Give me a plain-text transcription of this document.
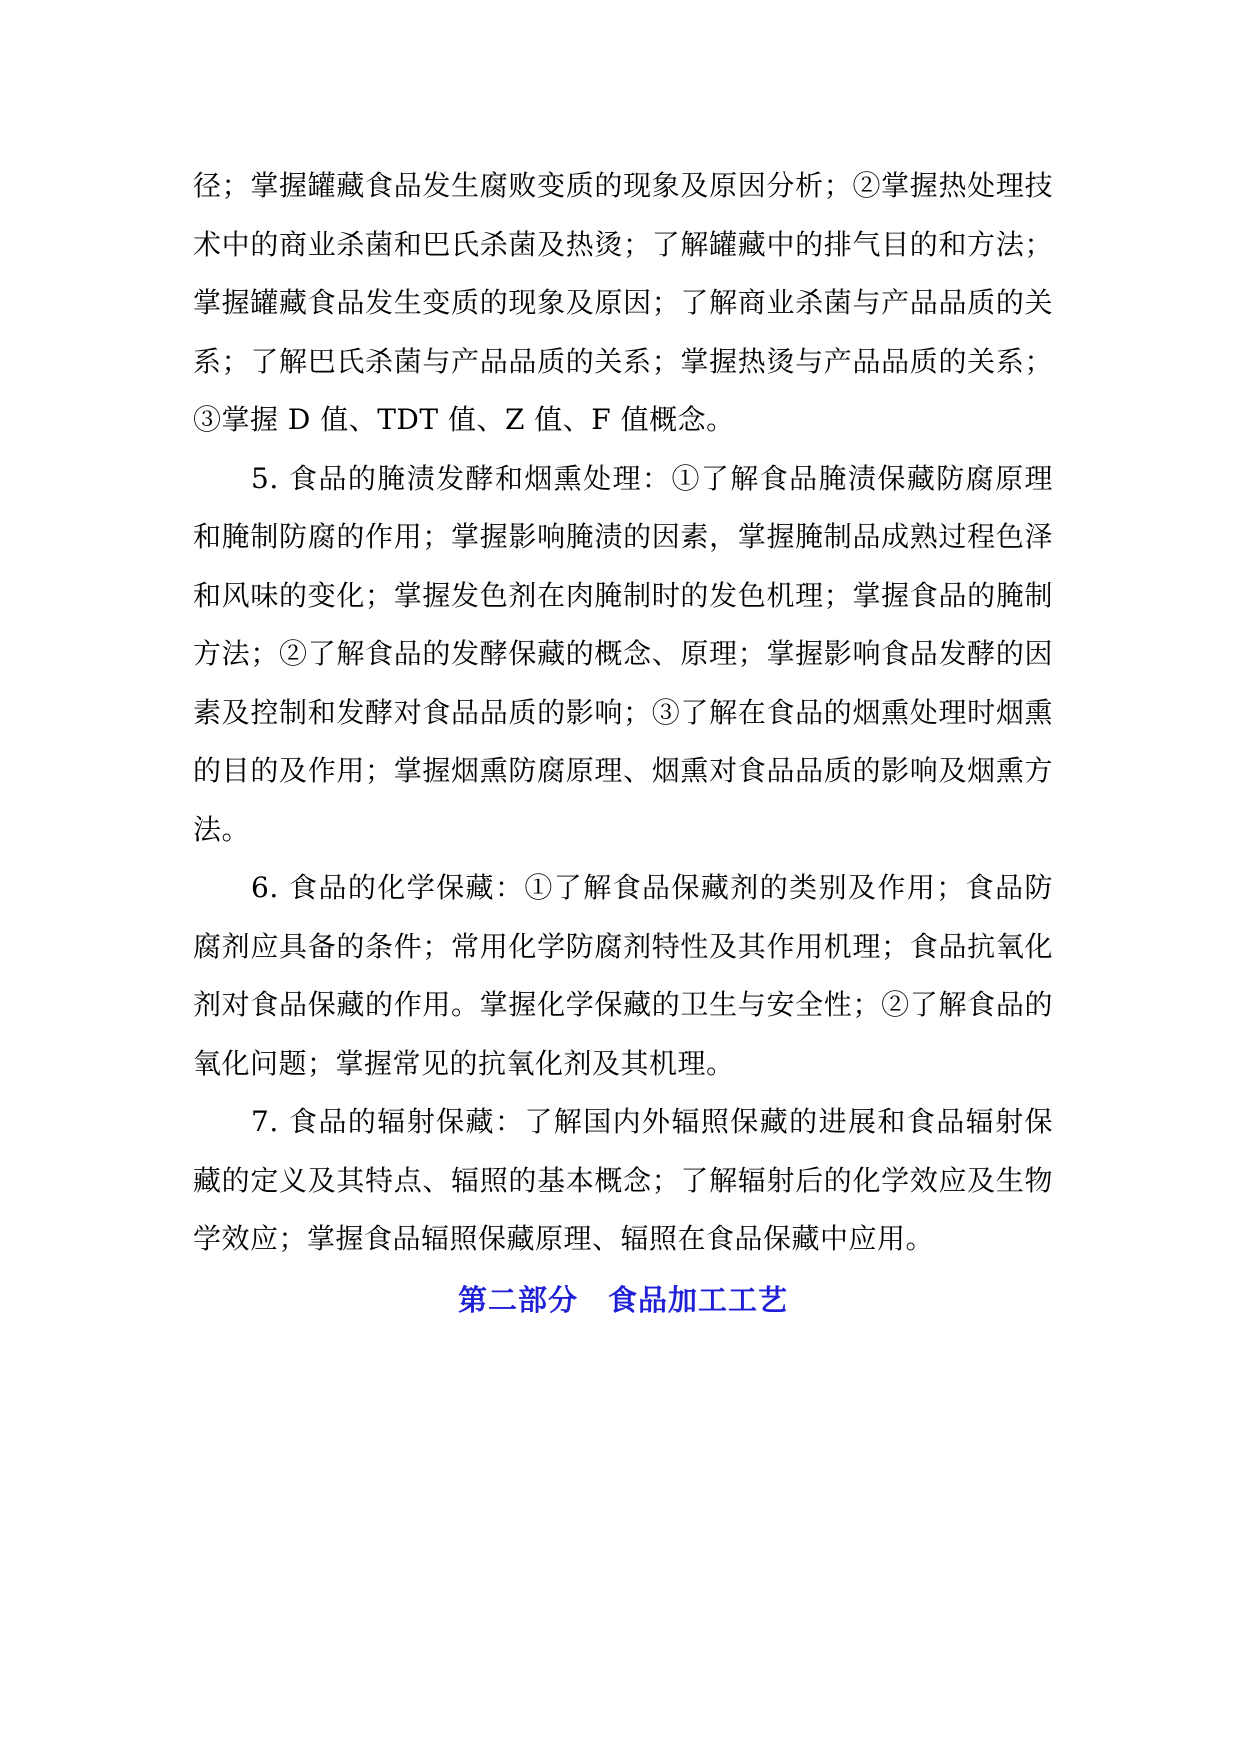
径；掌握罐藏食品发生腐败变质的现象及原因分析；②掌握热处理技术中的商业杀菌和巴氏杀菌及热烫；了解罐藏中的排气目的和方法；掌握罐藏食品发生变质的现象及原因；了解商业杀菌与产品品质的关系；了解巴氏杀菌与产品品质的关系；掌握热烫与产品品质的关系；③掌握 D 值、TDT 值、Z 值、F 值概念。

5. 食品的腌渍发酵和烟熏处理：①了解食品腌渍保藏防腐原理和腌制防腐的作用；掌握影响腌渍的因素，掌握腌制品成熟过程色泽和风味的变化；掌握发色剂在肉腌制时的发色机理；掌握食品的腌制方法；②了解食品的发酵保藏的概念、原理；掌握影响食品发酵的因素及控制和发酵对食品品质的影响；③了解在食品的烟熏处理时烟熏的目的及作用；掌握烟熏防腐原理、烟熏对食品品质的影响及烟熏方法。

6. 食品的化学保藏：①了解食品保藏剂的类别及作用；食品防腐剂应具备的条件；常用化学防腐剂特性及其作用机理；食品抗氧化剂对食品保藏的作用。掌握化学保藏的卫生与安全性；②了解食品的氧化问题；掌握常见的抗氧化剂及其机理。

7. 食品的辐射保藏：了解国内外辐照保藏的进展和食品辐射保藏的定义及其特点、辐照的基本概念；了解辐射后的化学效应及生物学效应；掌握食品辐照保藏原理、辐照在食品保藏中应用。

第二部分　食品加工工艺
